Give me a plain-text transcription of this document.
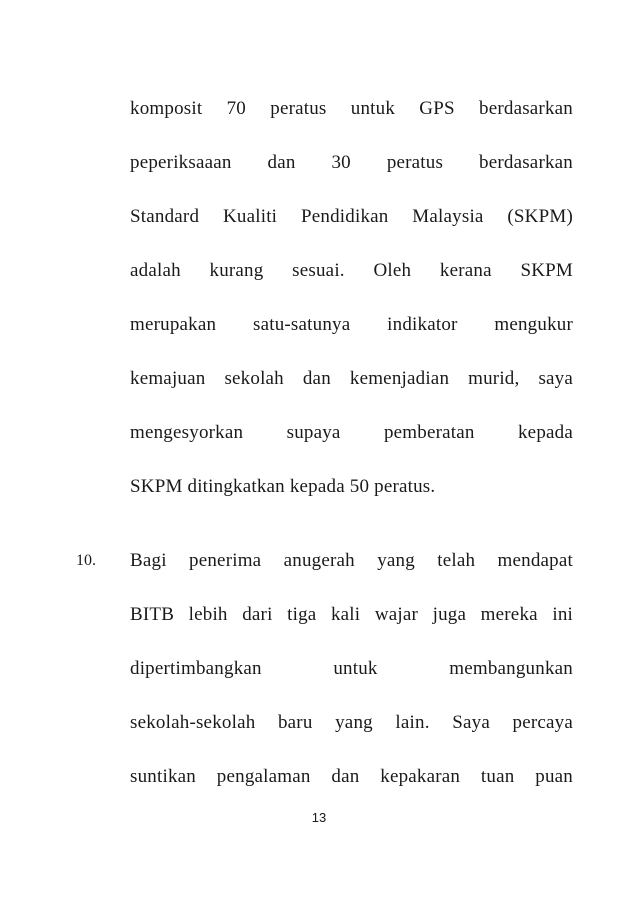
komposit 70 peratus untuk GPS berdasarkan
peperiksaaan dan 30 peratus berdasarkan
Standard Kualiti Pendidikan Malaysia (SKPM)
adalah kurang sesuai. Oleh kerana SKPM
merupakan satu-satunya indikator mengukur
kemajuan sekolah dan kemenjadian murid, saya
mengesyorkan supaya pemberatan kepada
SKPM ditingkatkan kepada 50 peratus.
10. Bagi penerima anugerah yang telah mendapat
BITB lebih dari tiga kali wajar juga mereka ini
dipertimbangkan untuk membangunkan
sekolah-sekolah baru yang lain. Saya percaya
suntikan pengalaman dan kepakaran tuan puan
13
